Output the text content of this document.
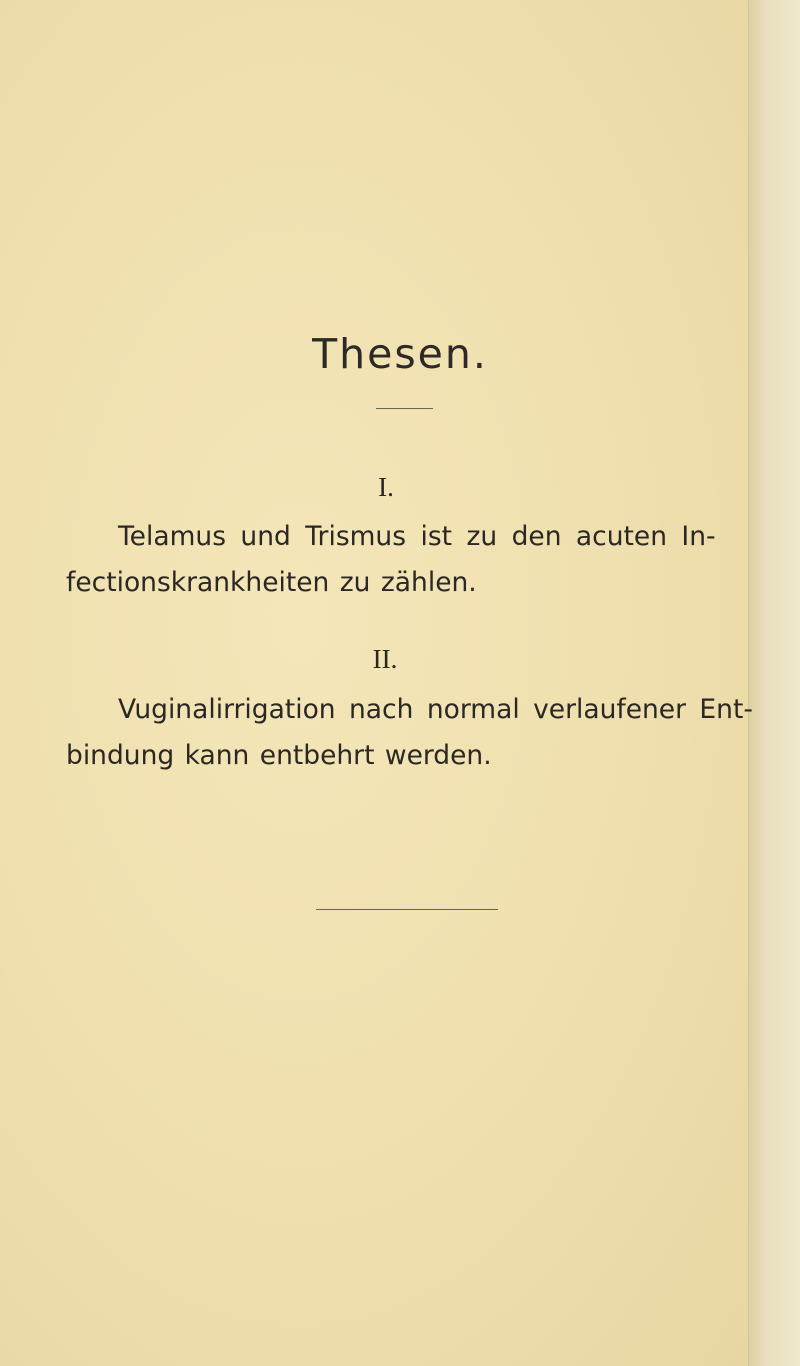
Thesen.

I.

Telamus und Trismus ist zu den acuten In-

fectionskrankheiten zu zählen.

II.

Vuginalirrigation nach normal verlaufener Ent-

bindung kann entbehrt werden.
